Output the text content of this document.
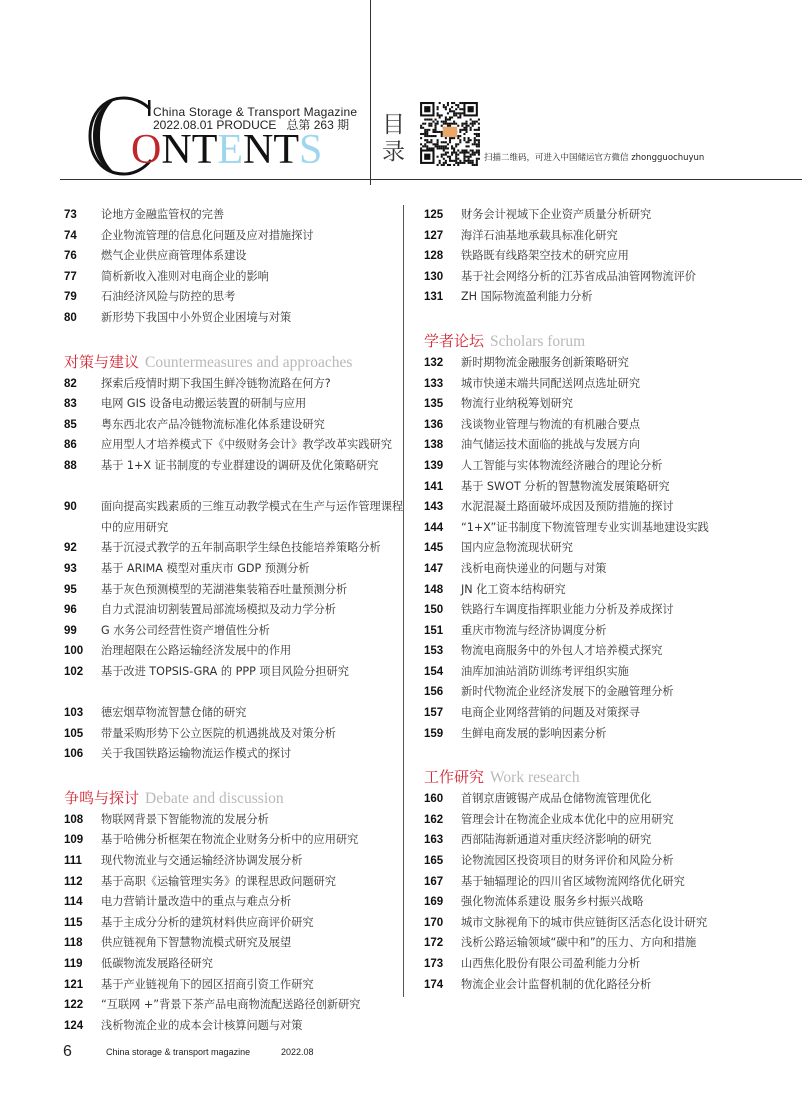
ONTENTS
China Storage & Transport Magazine
2022.08.01 PRODUCE   总第 263 期 目录	扫描二维码，可进入中国储运官方微信 zhongguochuyun
73	论地方金融监管权的完善
74	企业物流管理的信息化问题及应对措施探讨
76	燃气企业供应商管理体系建设
77	简析新收入准则对电商企业的影响
79	石油经济风险与防控的思考
80	新形势下我国中小外贸企业困境与对策
对策与建议 Countermeasures and approaches
82	探索后疫情时期下我国生鲜冷链物流路在何方?
83	电网 GIS 设备电动搬运装置的研制与应用
85	粤东西北农产品冷链物流标准化体系建设研究
86	应用型人才培养模式下《中级财务会计》教学改革实践研究
88	基于 1+X 证书制度的专业群建设的调研及优化策略研究
90	面向提高实践素质的三维互动教学模式在生产与运作管理课程中的应用研究
92	基于沉浸式教学的五年制高职学生绿色技能培养策略分析
93	基于 ARIMA 模型对重庆市 GDP 预测分析
95	基于灰色预测模型的芜湖港集装箱吞吐量预测分析
96	自力式混油切割装置局部流场模拟及动力学分析
99	G 水务公司经营性资产增值性分析
100	治理超限在公路运输经济发展中的作用
102	基于改进 TOPSIS-GRA 的 PPP 项目风险分担研究
103	德宏烟草物流智慧仓储的研究
105	带量采购形势下公立医院的机遇挑战及对策分析
106	关于我国铁路运输物流运作模式的探讨
争鸣与探讨 Debate and discussion
108	物联网背景下智能物流的发展分析
109	基于哈佛分析框架在物流企业财务分析中的应用研究
111	现代物流业与交通运输经济协调发展分析
112	基于高职《运输管理实务》的课程思政问题研究
114	电力营销计量改造中的重点与难点分析
115	基于主成分分析的建筑材料供应商评价研究
118	供应链视角下智慧物流模式研究及展望
119	低碳物流发展路径研究
121	基于产业链视角下的园区招商引资工作研究
122	“互联网 +”背景下茶产品电商物流配送路径创新研究
124	浅析物流企业的成本会计核算问题与对策
125	财务会计视域下企业资产质量分析研究
127	海洋石油基地承载具标准化研究
128	铁路既有线路架空技术的研究应用
130	基于社会网络分析的江苏省成品油管网物流评价
131	ZH 国际物流盈利能力分析
学者论坛 Scholars forum
132	新时期物流金融服务创新策略研究
133	城市快递末端共同配送网点选址研究
135	物流行业纳税筹划研究
136	浅谈物业管理与物流的有机融合要点
138	油气储运技术面临的挑战与发展方向
139	人工智能与实体物流经济融合的理论分析
141	基于 SWOT 分析的智慧物流发展策略研究
143	水泥混凝土路面破坏成因及预防措施的探讨
144	“1+X”证书制度下物流管理专业实训基地建设实践
145	国内应急物流现状研究
147	浅析电商快递业的问题与对策
148	JN 化工资本结构研究
150	铁路行车调度指挥职业能力分析及养成探讨
151	重庆市物流与经济协调度分析
153	物流电商服务中的外包人才培养模式探究
154	油库加油站消防训练考评组织实施
156	新时代物流企业经济发展下的金融管理分析
157	电商企业网络营销的问题及对策探寻
159	生鲜电商发展的影响因素分析
工作研究 Work research
160	首钢京唐镀锡产成品仓储物流管理优化
162	管理会计在物流企业成本优化中的应用研究
163	西部陆海新通道对重庆经济影响的研究
165	论物流园区投资项目的财务评价和风险分析
167	基于轴辐理论的四川省区域物流网络优化研究
169	强化物流体系建设 服务乡村振兴战略
170	城市文脉视角下的城市供应链街区活态化设计研究
172	浅析公路运输领域“碳中和”的压力、方向和措施
173	山西焦化股份有限公司盈利能力分析
174	物流企业会计监督机制的优化路径分析
6	China storage & transport magazine	2022.08
